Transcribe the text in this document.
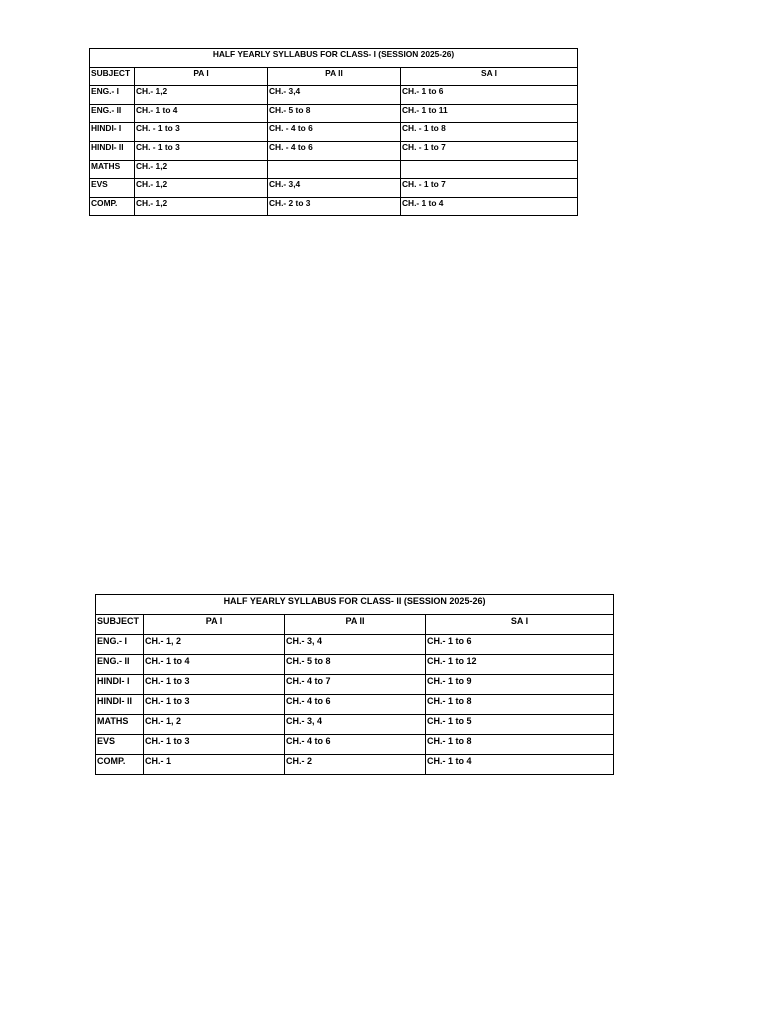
HALF YEARLY SYLLABUS FOR CLASS- I (SESSION 2025-26)			
SUBJECT	PA I	PA II	SA I
ENG.- I	CH.- 1,2	CH.- 3,4	CH.- 1 to 6
ENG.- II	CH.- 1 to 4	CH.- 5 to 8	CH.- 1 to 11
HINDI- I	CH. - 1 to 3	CH. - 4 to 6	CH. - 1 to 8
HINDI- II	CH. - 1 to 3	CH. - 4 to 6	CH. - 1 to 7
MATHS	CH.- 1,2		
EVS	CH.- 1,2	CH.- 3,4	CH. - 1 to 7
COMP.	CH.- 1,2	CH.- 2 to 3	CH.- 1 to 4
HALF YEARLY SYLLABUS FOR CLASS- II (SESSION 2025-26)			
SUBJECT	PA I	PA II	SA I
ENG.- I	CH.- 1, 2	CH.- 3, 4	CH.- 1 to 6
ENG.- II	CH.- 1 to 4	CH.- 5 to 8	CH.- 1 to 12
HINDI- I	CH.- 1 to 3	CH.- 4 to 7	CH.- 1 to 9
HINDI- II	CH.- 1 to 3	CH.- 4 to 6	CH.- 1 to 8
MATHS	CH.- 1, 2	CH.- 3, 4	CH.- 1 to 5
EVS	CH.- 1 to 3	CH.- 4 to 6	CH.- 1 to 8
COMP.	CH.- 1	CH.- 2	CH.- 1 to 4
